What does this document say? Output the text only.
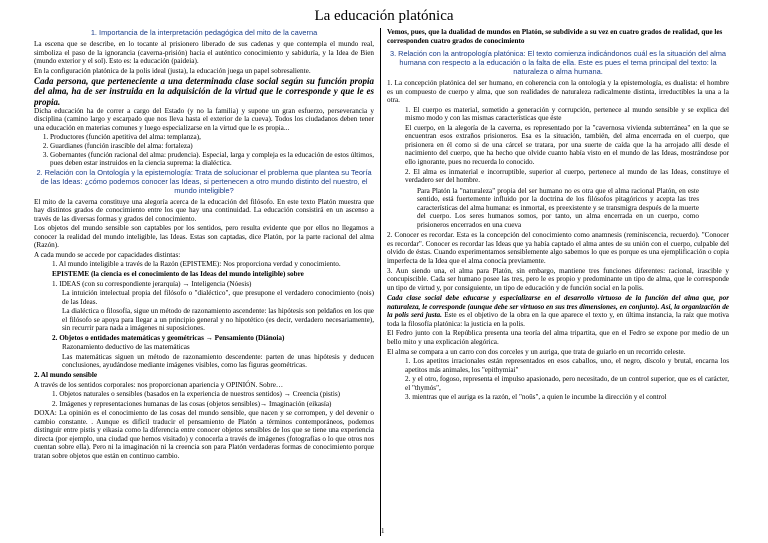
La educación platónica

1. Importancia de la interpretación pedagógica del mito de la caverna

La escena que se describe, en lo tocante al prisionero liberado de sus cadenas y que contempla el mundo real, simboliza el paso de la ignorancia (caverna-prisión) hacia el auténtico conocimiento y sabiduría, y la Idea de Bien (mundo exterior y el sol). Esto es: la educación (paideia).

En la configuración platónica de la polis ideal (justa), la educación juega un papel sobresaliente.

Cada persona, que perteneciente a una determinada clase social según su función propia del alma, ha de ser instruida en la adquisición de la virtud que le corresponde y que le es propia.

Dicha educación ha de correr a cargo del Estado (y no la familia) y supone un gran esfuerzo, perseverancia y disciplina (camino largo y escarpado que nos lleva hasta el exterior de la cueva). Todos los ciudadanos deben tener una educación en materias comunes y luego especializarse en la virtud que le es propia...

1. Productores (función apetitiva del alma: templanza),
2. Guardianes (función irascible del alma: fortaleza)
3. Gobernantes (función racional del alma: prudencia). Especial, larga y compleja es la educación de estos últimos, pues deben estar instruidos en la ciencia suprema: la dialéctica.

2. Relación con la Ontología y la epistemología: Trata de solucionar el problema que plantea su Teoría de las Ideas: ¿cómo podemos conocer las Ideas, si pertenecen a otro mundo distinto del nuestro, el mundo inteligible?

El mito de la caverna constituye una alegoría acerca de la educación del filósofo. En este texto Platón muestra que hay distintos grados de conocimiento entre los que hay una continuidad. La educación consistirá en un ascenso a través de las diversas formas y grados del conocimiento.

Los objetos del mundo sensible son captables por los sentidos, pero resulta evidente que por ellos no llegamos a conocer la realidad del mundo inteligible, las Ideas. Estas son captadas, dice Platón, por la parte racional del alma (Razón).

A cada mundo se accede por capacidades distintas:

1. Al mundo inteligible a través de la Razón (EPISTEME): Nos proporciona verdad y conocimiento.

EPISTEME (la ciencia es el conocimiento de las Ideas del mundo inteligible) sobre

1. IDEAS (con su correspondiente jerarquía) → Inteligencia (Nóesis)

La intuición intelectual propia del filósofo o "dialéctico", que presupone el verdadero conocimiento (nois) de las Ideas.

La dialéctica o filosofía, sigue un método de razonamiento ascendente: las hipótesis son peldaños en los que el filósofo se apoya para llegar a un principio general y no hipotético (es decir, verdadero necesariamente), sin recurrir para nada a imágenes ni suposiciones.

2. Objetos o entidades matemáticas y geométricas → Pensamiento (Diánoia)

Razonamiento deductivo de las matemáticas

Las matemáticas siguen un método de razonamiento descendente: parten de unas hipótesis y deducen conclusiones, ayudándose mediante imágenes visibles, como las figuras geométricas.

2. Al mundo sensible

A través de los sentidos corporales: nos proporcionan apariencia y OPINIÓN. Sobre…

1. Objetos naturales o sensibles (basados en la experiencia de nuestros sentidos) → Creencia (pistis)

2. Imágenes y representaciones humanas de las cosas (objetos sensibles)→ Imaginación (eikasía)

DOXA: La opinión es el conocimiento de las cosas del mundo sensible, que nacen y se corrompen, y del devenir o cambio constante. . Aunque es difícil traducir el pensamiento de Platón a términos contemporáneos, podemos distinguir entre pistis y eikasia como la diferencia entre conocer objetos sensibles de los que se tiene una experiencia directa (por ejemplo, una ciudad que hemos visitado) y conocerla a través de imágenes (fotografías o lo que otros nos cuentan sobre ella). Pero ni la imaginación ni la creencia son para Platón verdaderas formas de conocimiento porque tratan sobre objetos que están en continuo cambio.

Vemos, pues, que la dualidad de mundos en Platón, se subdivide a su vez en cuatro grados de realidad, que les corresponden cuatro grados de conocimiento

3. Relación con la antropología platónica: El texto comienza indicándonos cuál es la situación del alma humana con respecto a la educación o la falta de ella. Este es pues el tema principal del texto: la naturaleza o alma humana.

1. La concepción platónica del ser humano, en coherencia con la ontología y la epistemología, es dualista: el hombre es un compuesto de cuerpo y alma, que son realidades de naturaleza radicalmente distinta, irreductibles la una a la otra.

1. El cuerpo es material, sometido a generación y corrupción, pertenece al mundo sensible y se explica del mismo modo y con las mismas características que éste

El cuerpo, en la alegoría de la caverna, es representado por la "cavernosa vivienda subterránea" en la que se encuentran esos extraños prisioneros. Esa es la situación, también, del alma encerrada en el cuerpo, que prisionera en él como si de una cárcel se tratara, por una suerte de caída que la ha arrojado allí desde el nacimiento del cuerpo, que ha hecho que olvide cuanto había visto en el mundo de las Ideas, mostrándose por ello ignorante, pues no recuerda lo conocido.

2. El alma es inmaterial e incorruptible, superior al cuerpo, pertenece al mundo de las Ideas, constituye el verdadero ser del hombre.

Para Platón la "naturaleza" propia del ser humano no es otra que el alma racional Platón, en este sentido, está fuertemente influido por la doctrina de los filósofos pitagóricos y acepta las tres características del alma humana: es inmortal, es preexistente y se transmigra después de la muerte del cuerpo. Los seres humanos somos, por tanto, un alma encerrada en un cuerpo, como prisioneros encerrados en una cueva

2. Conocer es recordar. Esta es la concepción del conocimiento como anamnesis (reminiscencia, recuerdo). "Conocer es recordar". Conocer es recordar las Ideas que ya había captado el alma antes de su unión con el cuerpo, culpable del olvido de éstas. Cuando experimentamos sensiblemente algo sabemos lo que es porque es una ejemplificación o copia imperfecta de la Idea que el alma conocía previamente.

3. Aun siendo una, el alma para Platón, sin embargo, mantiene tres funciones diferentes: racional, irascible y concupiscible. Cada ser humano posee las tres, pero le es propio y predominante un tipo de alma, que le corresponde un tipo de virtud y, por consiguiente, un tipo de educación y de función social en la polis.

Cada clase social debe educarse y especializarse en el desarrollo virtuoso de la función del alma que, por naturaleza, le corresponde (aunque debe ser virtuoso en sus tres dimensiones, en conjunto). Así, la organización de la polis será justa. Este es el objetivo de la obra en la que aparece el texto y, en última instancia, la raíz que motiva toda la filosofía platónica: la justicia en la polis.

El Fedro junto con la República presenta una teoría del alma tripartita, que en el Fedro se expone por medio de un bello mito y una explicación alegórica.

El alma se compara a un carro con dos corceles y un auriga, que trata de guiarlo en un recorrido celeste.

1. Los apetitos irracionales están representados en esos caballos, uno, el negro, díscolo y brutal, encarna los apetitos más animales, los "epithymiai"

2. y el otro, fogoso, representa el impulso apasionado, pero necesitado, de un control superior, que es el carácter, el "thymós",

3. mientras que el auriga es la razón, el "noûs", a quien le incumbe la dirección y el control

1
